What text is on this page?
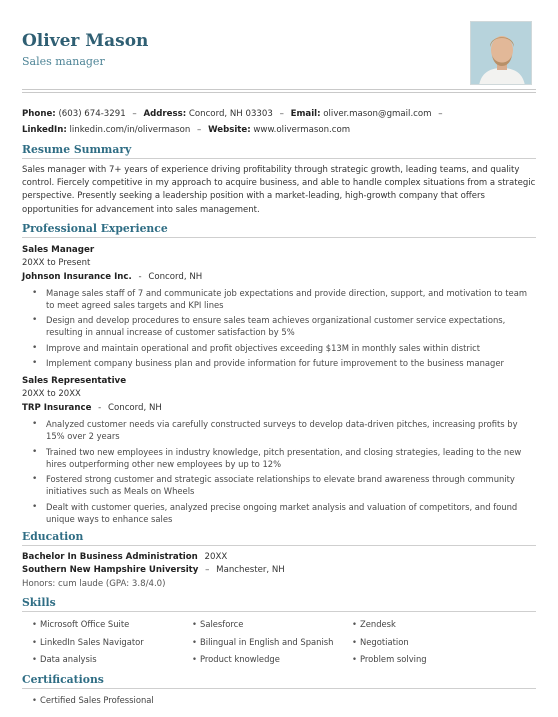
Oliver Mason
Sales manager
Phone: (603) 674-3291 – Address: Concord, NH 03303 – Email: oliver.mason@gmail.com –
LinkedIn: linkedin.com/in/olivermason – Website: www.olivermason.com
Resume Summary

Sales manager with 7+ years of experience driving profitability through strategic growth, leading teams, and quality control. Fiercely competitive in my approach to acquire business, and able to handle complex situations from a strategic perspective. Presently seeking a leadership position with a market-leading, high-growth company that offers opportunities for advancement into sales management.

Professional Experience
Sales Manager
20XX to Present
Johnson Insurance Inc. - Concord, NH
• Manage sales staff of 7 and communicate job expectations and provide direction, support, and motivation to team to meet agreed sales targets and KPI lines
• Design and develop procedures to ensure sales team achieves organizational customer service expectations, resulting in annual increase of customer satisfaction by 5%
• Improve and maintain operational and profit objectives exceeding $13M in monthly sales within district
• Implement company business plan and provide information for future improvement to the business manager
Sales Representative
20XX to 20XX
TRP Insurance - Concord, NH
• Analyzed customer needs via carefully constructed surveys to develop data-driven pitches, increasing profits by 15% over 2 years
• Trained two new employees in industry knowledge, pitch presentation, and closing strategies, leading to the new hires outperforming other new employees by up to 12%
• Fostered strong customer and strategic associate relationships to elevate brand awareness through community initiatives such as Meals on Wheels
• Dealt with customer queries, analyzed precise ongoing market analysis and valuation of competitors, and found unique ways to enhance sales
Education
Bachelor In Business Administration 20XX
Southern New Hampshire University – Manchester, NH
Honors: cum laude (GPA: 3.8/4.0)
Skills
• Microsoft Office Suite	• Salesforce	• Zendesk
• LinkedIn Sales Navigator	• Bilingual in English and Spanish	• Negotiation
• Data analysis	• Product knowledge	• Problem solving
Certifications
• Certified Sales Professional
